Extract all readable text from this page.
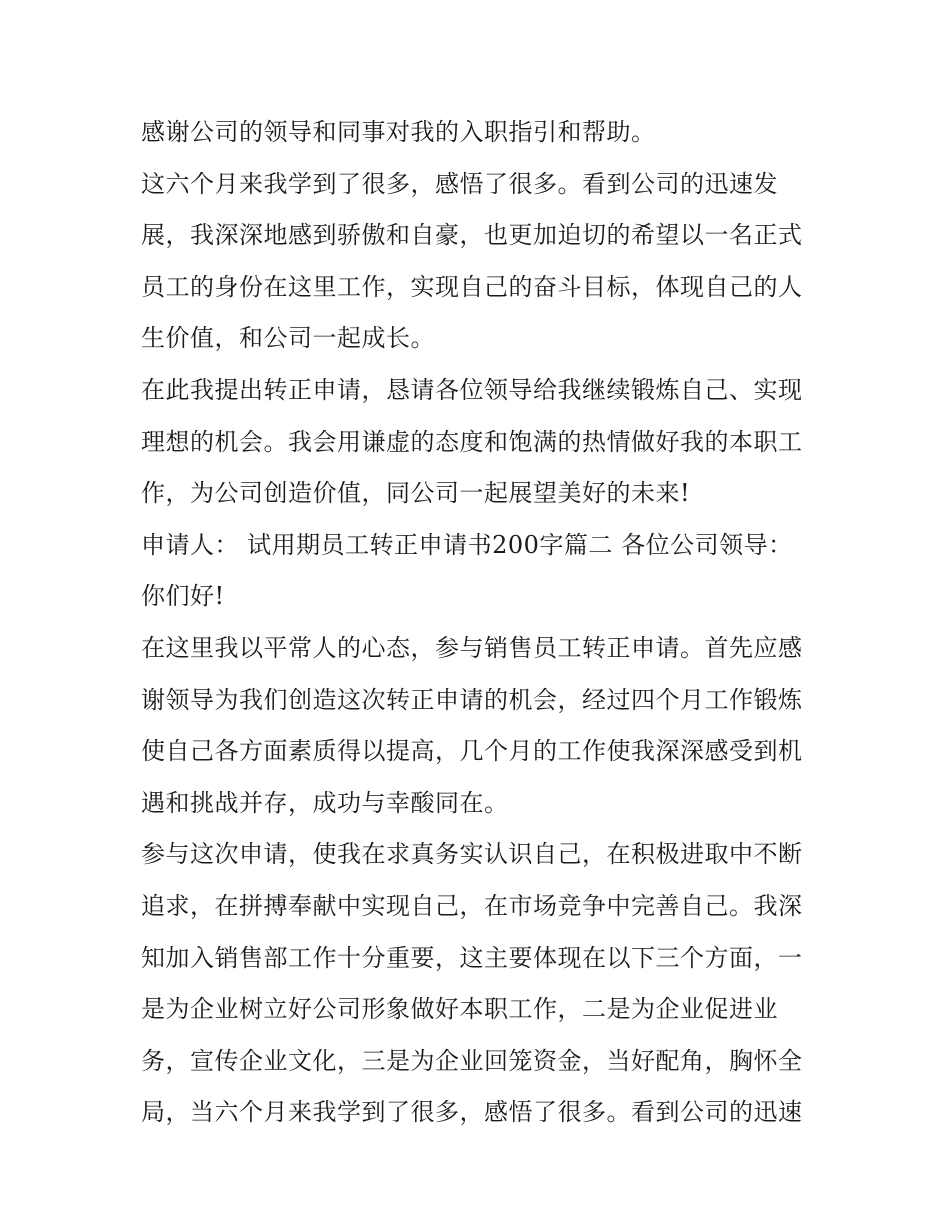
感谢公司的领导和同事对我的入职指引和帮助。
这六个月来我学到了很多，感悟了很多。看到公司的迅速发
展，我深深地感到骄傲和自豪，也更加迫切的希望以一名正式
员工的身份在这里工作，实现自己的奋斗目标，体现自己的人
生价值，和公司一起成长。
在此我提出转正申请，恳请各位领导给我继续锻炼自己、实现
理想的机会。我会用谦虚的态度和饱满的热情做好我的本职工
作，为公司创造价值，同公司一起展望美好的未来!
申请人： 试用期员工转正申请书200字篇二 各位公司领导：
你们好!
在这里我以平常人的心态，参与销售员工转正申请。首先应感
谢领导为我们创造这次转正申请的机会，经过四个月工作锻炼
使自己各方面素质得以提高，几个月的工作使我深深感受到机
遇和挑战并存，成功与幸酸同在。
参与这次申请，使我在求真务实认识自己，在积极进取中不断
追求，在拼搏奉献中实现自己，在市场竞争中完善自己。我深
知加入销售部工作十分重要，这主要体现在以下三个方面，一
是为企业树立好公司形象做好本职工作，二是为企业促进业
务，宣传企业文化，三是为企业回笼资金，当好配角，胸怀全
局，当六个月来我学到了很多，感悟了很多。看到公司的迅速
